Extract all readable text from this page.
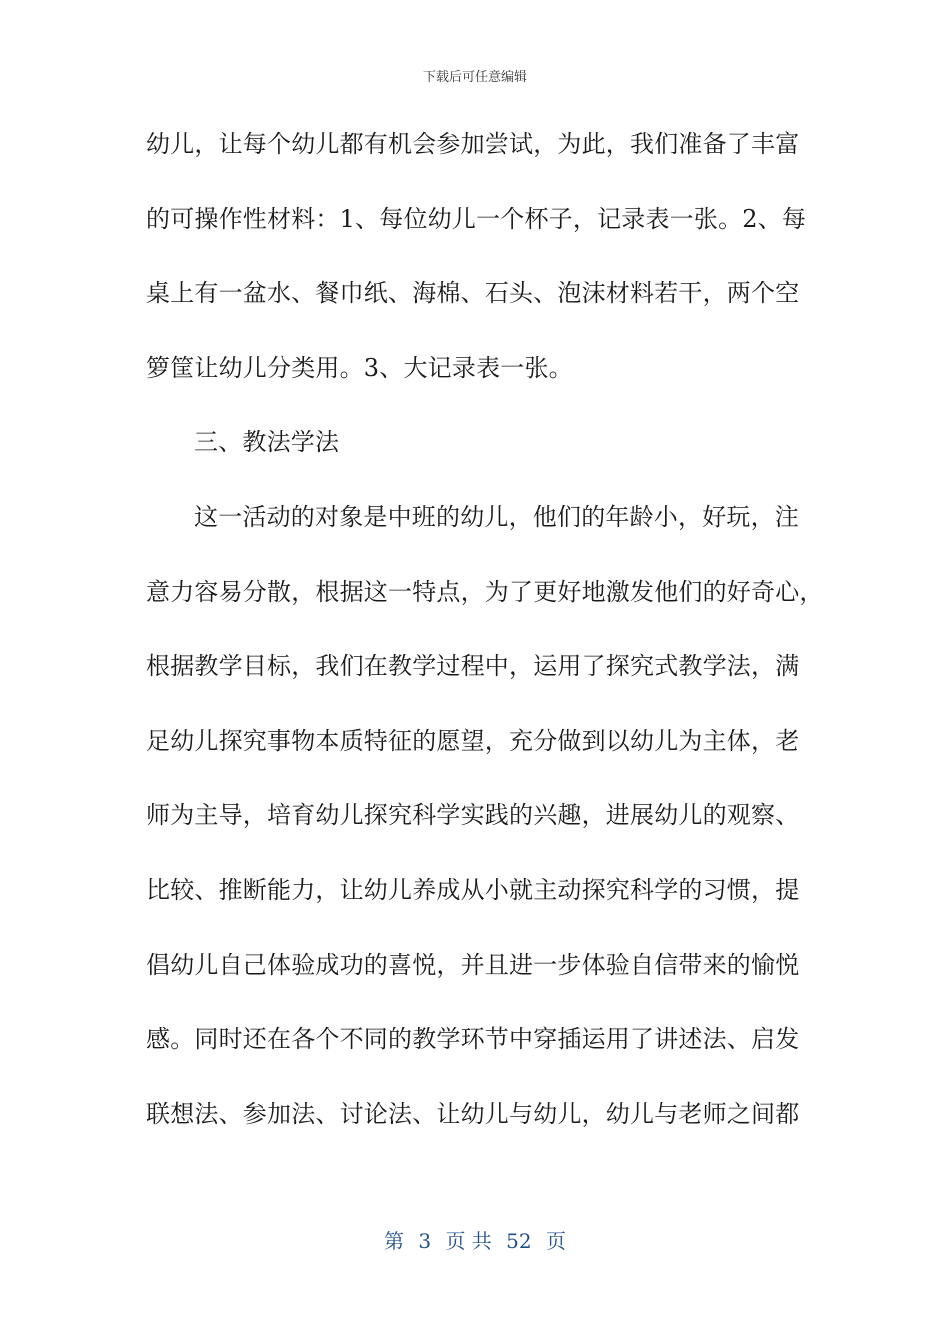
下载后可任意编辑
幼儿，让每个幼儿都有机会参加尝试，为此，我们准备了丰富
的可操作性材料：1、每位幼儿一个杯子，记录表一张。2、每
桌上有一盆水、餐巾纸、海棉、石头、泡沫材料若干，两个空
箩筐让幼儿分类用。3、大记录表一张。
三、教法学法
这一活动的对象是中班的幼儿，他们的年龄小，好玩，注
意力容易分散，根据这一特点，为了更好地激发他们的好奇心，
根据教学目标，我们在教学过程中，运用了探究式教学法，满
足幼儿探究事物本质特征的愿望，充分做到以幼儿为主体，老
师为主导，培育幼儿探究科学实践的兴趣，进展幼儿的观察、
比较、推断能力，让幼儿养成从小就主动探究科学的习惯，提
倡幼儿自己体验成功的喜悦，并且进一步体验自信带来的愉悦
感。同时还在各个不同的教学环节中穿插运用了讲述法、启发
联想法、参加法、讨论法、让幼儿与幼儿，幼儿与老师之间都
第 3 页 共 52 页
